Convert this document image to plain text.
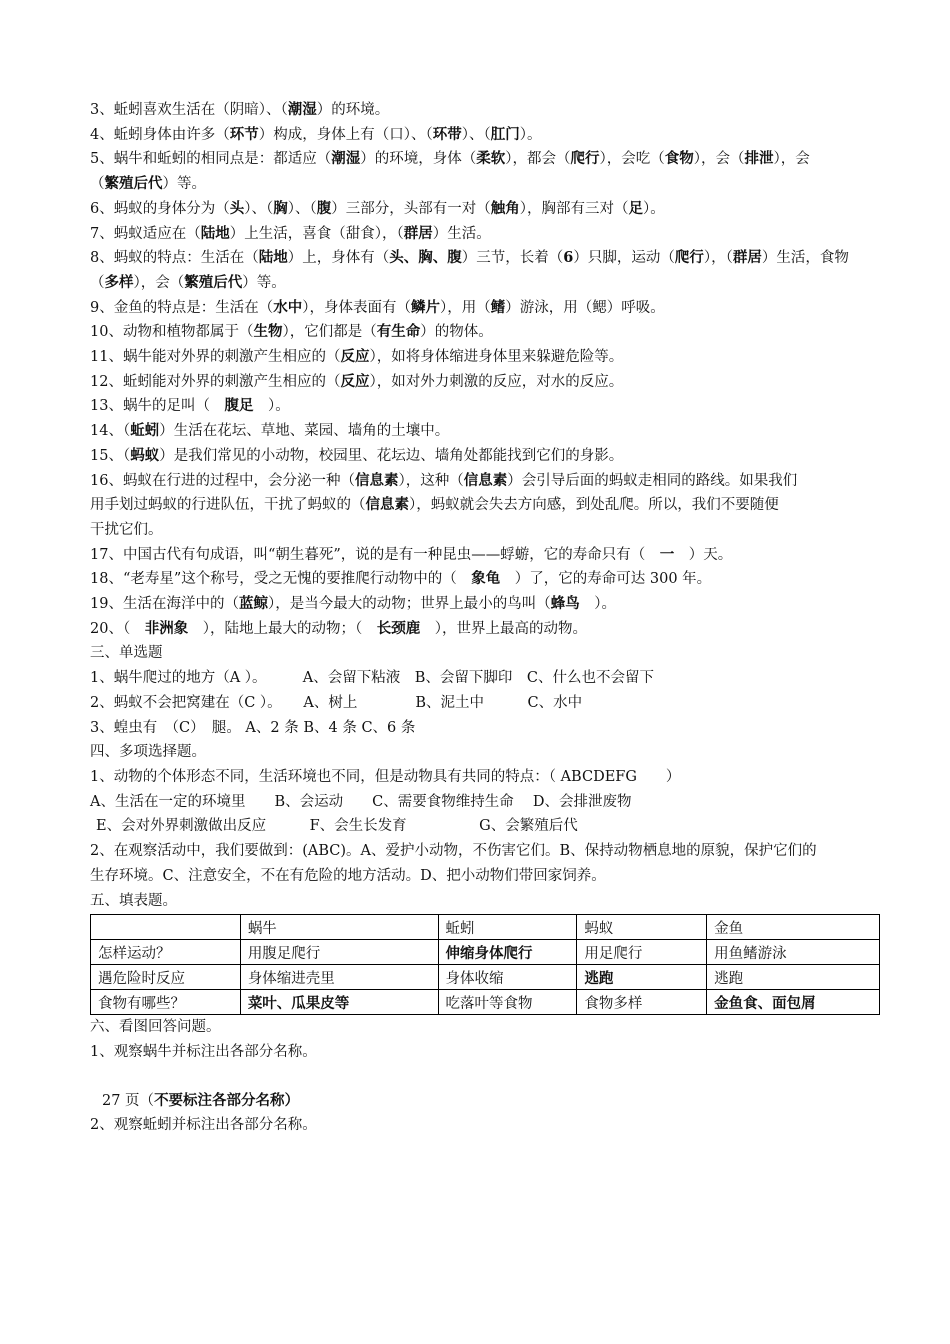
3、蚯蚓喜欢生活在（阴暗）、（潮湿）的环境。
4、蚯蚓身体由许多（环节）构成，身体上有（口）、（环带）、（肛门）。
5、蜗牛和蚯蚓的相同点是：都适应（潮湿）的环境，身体（柔软），都会（爬行），会吃（食物），会（排泄），会
（繁殖后代）等。
6、蚂蚁的身体分为（头）、（胸）、（腹）三部分，头部有一对（触角），胸部有三对（足）。
7、蚂蚁适应在（陆地）上生活，喜食（甜食），（群居）生活。
8、蚂蚁的特点：生活在（陆地）上，身体有（头、胸、腹）三节，长着（6）只脚，运动（爬行），（群居）生活，食物
（多样），会（繁殖后代）等。
9、金鱼的特点是：生活在（水中），身体表面有（鳞片），用（鳍）游泳，用（鳃）呼吸。
10、动物和植物都属于（生物），它们都是（有生命）的物体。
11、蜗牛能对外界的刺激产生相应的（反应），如将身体缩进身体里来躲避危险等。
12、蚯蚓能对外界的刺激产生相应的（反应），如对外力刺激的反应，对水的反应。
13、蜗牛的足叫（　腹足　）。
14、（蚯蚓）生活在花坛、草地、菜园、墙角的土壤中。
15、（蚂蚁）是我们常见的小动物，校园里、花坛边、墙角处都能找到它们的身影。
16、蚂蚁在行进的过程中，会分泌一种（信息素），这种（信息素）会引导后面的蚂蚁走相同的路线。如果我们
用手划过蚂蚁的行进队伍，干扰了蚂蚁的（信息素），蚂蚁就会失去方向感，到处乱爬。所以，我们不要随便
干扰它们。
17、中国古代有句成语，叫“朝生暮死”，说的是有一种昆虫——蜉蝣，它的寿命只有（　一　）天。
18、“老寿星”这个称号，受之无愧的要推爬行动物中的（　象龟　）了，它的寿命可达 300 年。
19、生活在海洋中的（蓝鲸），是当今最大的动物；世界上最小的鸟叫（蜂鸟　）。
20、（　非洲象　），陆地上最大的动物；（　长颈鹿　），世界上最高的动物。
三、单选题
1、蜗牛爬过的地方（A ）。　　　A、会留下粘液　B、会留下脚印　C、什么也不会留下
2、蚂蚁不会把窝建在（C ）。　　A、树上　　　　B、泥土中　　　C、水中
3、蝗虫有　（C）　腿。 A、2 条 B、4 条 C、6 条
四、多项选择题。
1、动物的个体形态不同，生活环境也不同，但是动物具有共同的特点：（ ABCDEFG　　）
A、生活在一定的环境里　　B、会运动　　C、需要食物维持生命　 D、会排泄废物
E、会对外界刺激做出反应　　　F、会生长发育　　　　　G、会繁殖后代
2、在观察活动中，我们要做到：(ABC)。A、爱护小动物，不伤害它们。B、保持动物栖息地的原貌，保护它们的
生存环境。C、注意安全，不在有危险的地方活动。D、把小动物们带回家饲养。
五、填表题。
	蜗牛	蚯蚓	蚂蚁	金鱼
怎样运动？	用腹足爬行	伸缩身体爬行	用足爬行	用鱼鳍游泳
遇危险时反应	身体缩进壳里	身体收缩	逃跑	逃跑
食物有哪些？	菜叶、瓜果皮等	吃落叶等食物	食物多样	金鱼食、面包屑
六、看图回答问题。
1、观察蜗牛并标注出各部分名称。
27 页（不要标注各部分名称）
2、观察蚯蚓并标注出各部分名称。
